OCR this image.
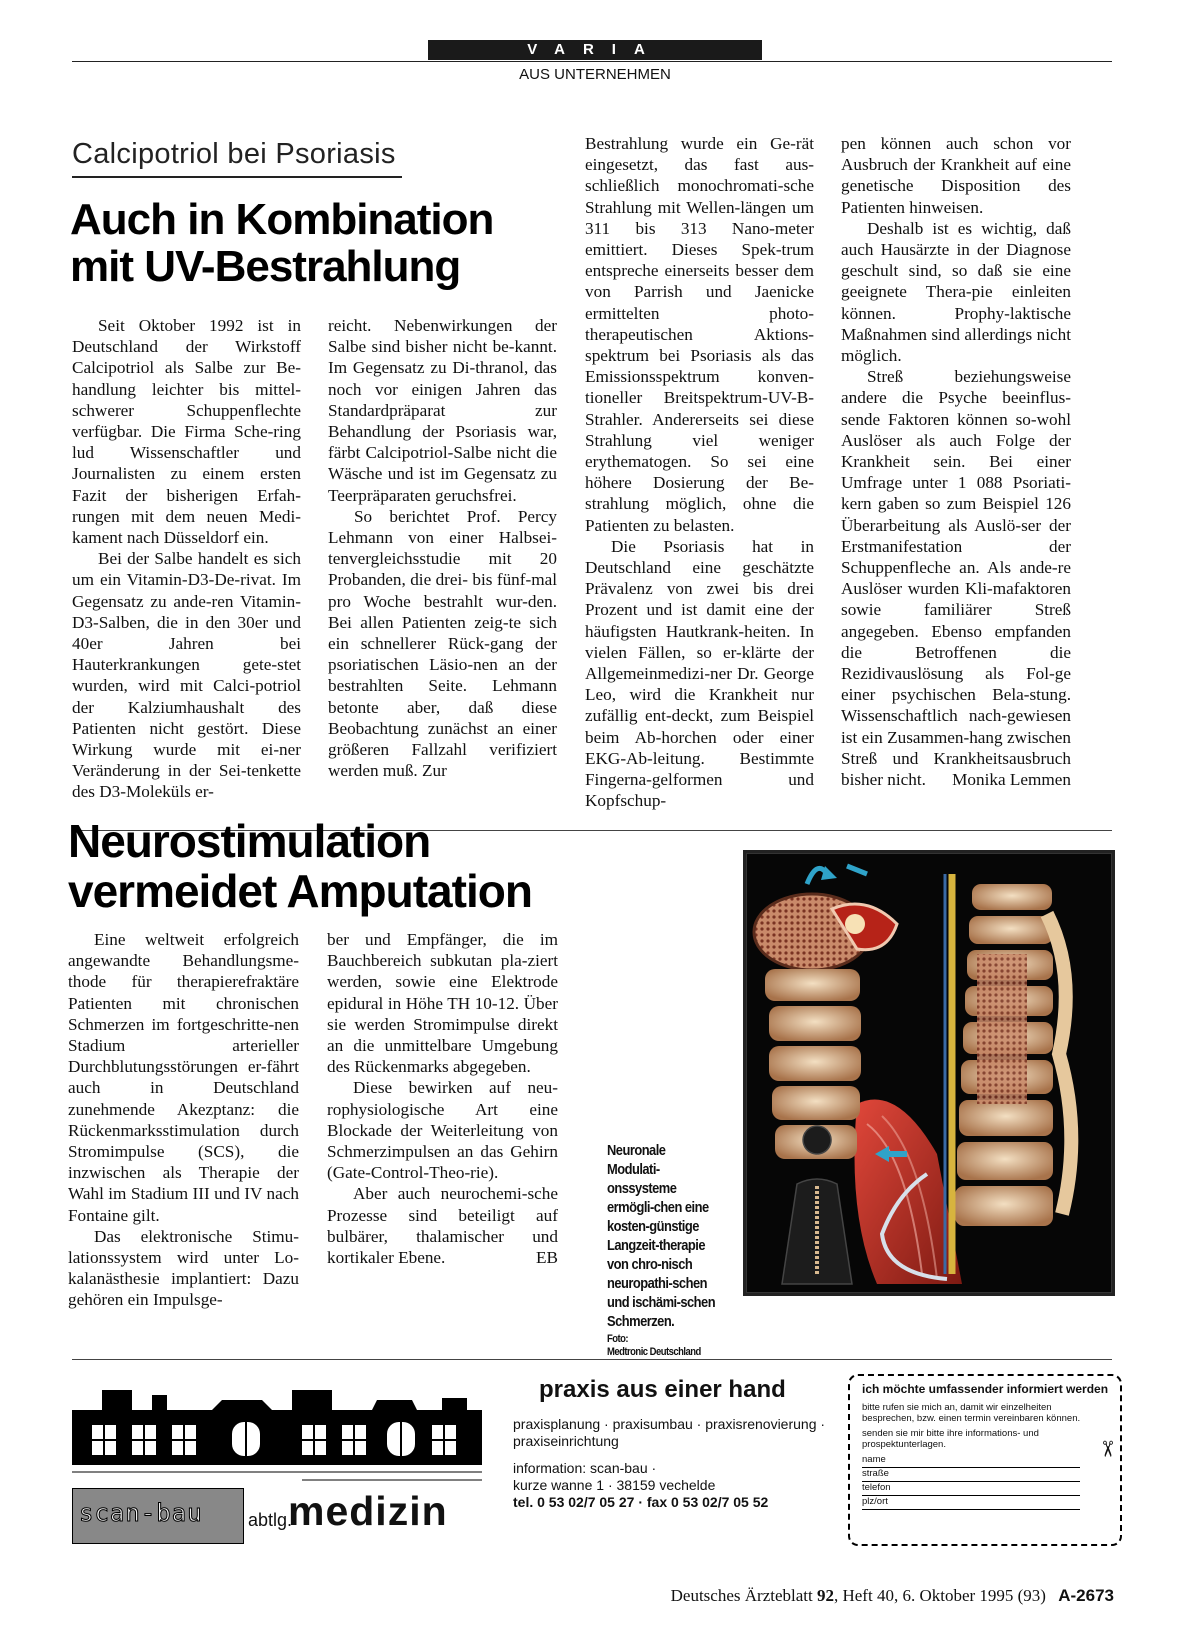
VARIA
AUS UNTERNEHMEN
Calcipotriol bei Psoriasis
Auch in Kombination
mit UV-Bestrahlung

Seit Oktober 1992 ist in Deutschland der Wirkstoff Calcipotriol als Salbe zur Be-handlung leichter bis mittel-schwerer Schuppenflechte verfügbar. Die Firma Sche-ring lud Wissenschaftler und Journalisten zu einem ersten Fazit der bisherigen Erfah-rungen mit dem neuen Medi-kament nach Düsseldorf ein.

Bei der Salbe handelt es sich um ein Vitamin-D3-De-rivat. Im Gegensatz zu ande-ren Vitamin-D3-Salben, die in den 30er und 40er Jahren bei Hauterkrankungen gete-stet wurden, wird mit Calci-potriol der Kalziumhaushalt des Patienten nicht gestört. Diese Wirkung wurde mit ei-ner Veränderung in der Sei-tenkette des D3-Moleküls er-

reicht. Nebenwirkungen der Salbe sind bisher nicht be-kannt. Im Gegensatz zu Di-thranol, das noch vor einigen Jahren das Standardpräparat zur Behandlung der Psoriasis war, färbt Calcipotriol-Salbe nicht die Wäsche und ist im Gegensatz zu Teerpräparaten geruchsfrei.

So berichtet Prof. Percy Lehmann von einer Halbsei-tenvergleichsstudie mit 20 Probanden, die drei- bis fünf-mal pro Woche bestrahlt wur-den. Bei allen Patienten zeig-te sich ein schnellerer Rück-gang der psoriatischen Läsio-nen an der bestrahlten Seite. Lehmann betonte aber, daß diese Beobachtung zunächst an einer größeren Fallzahl verifiziert werden muß. Zur

Bestrahlung wurde ein Ge-rät eingesetzt, das fast aus-schließlich monochromati-sche Strahlung mit Wellen-längen um 311 bis 313 Nano-meter emittiert. Dieses Spek-trum entspreche einerseits besser dem von Parrish und Jaenicke ermittelten photo-therapeutischen Aktions-spektrum bei Psoriasis als das Emissionsspektrum konven-tioneller Breitspektrum-UV-B-Strahler. Andererseits sei diese Strahlung viel weniger erythematogen. So sei eine höhere Dosierung der Be-strahlung möglich, ohne die Patienten zu belasten.

Die Psoriasis hat in Deutschland eine geschätzte Prävalenz von zwei bis drei Prozent und ist damit eine der häufigsten Hautkrank-heiten. In vielen Fällen, so er-klärte der Allgemeinmedizi-ner Dr. George Leo, wird die Krankheit nur zufällig ent-deckt, zum Beispiel beim Ab-horchen oder einer EKG-Ab-leitung. Bestimmte Fingerna-gelformen und Kopfschup-

pen können auch schon vor Ausbruch der Krankheit auf eine genetische Disposition des Patienten hinweisen.

Deshalb ist es wichtig, daß auch Hausärzte in der Diagnose geschult sind, so daß sie eine geeignete Thera-pie einleiten können. Prophy-laktische Maßnahmen sind allerdings nicht möglich.

Streß beziehungsweise andere die Psyche beeinflus-sende Faktoren können so-wohl Auslöser als auch Folge der Krankheit sein. Bei einer Umfrage unter 1 088 Psoriati-kern gaben so zum Beispiel 126 Überarbeitung als Auslö-ser der Erstmanifestation der Schuppenfleche an. Als ande-re Auslöser wurden Kli-mafaktoren sowie familiärer Streß angegeben. Ebenso empfanden die Betroffenen die Rezidivauslösung als Fol-ge einer psychischen Bela-stung. Wissenschaftlich nach-gewiesen ist ein Zusammen-hang zwischen Streß und Krankheitsausbruch bisher nicht.	Monika Lemmen

Neurostimulation
vermeidet Amputation

Eine weltweit erfolgreich angewandte Behandlungsme-thode für therapierefraktäre Patienten mit chronischen Schmerzen im fortgeschritte-nen Stadium arterieller Durchblutungsstörungen er-fährt auch in Deutschland zunehmende Akezptanz: die Rückenmarksstimulation durch Stromimpulse (SCS), die inzwischen als Therapie der Wahl im Stadium III und IV nach Fontaine gilt.

Das elektronische Stimu-lationssystem wird unter Lo-kalanästhesie implantiert: Dazu gehören ein Impulsge-

ber und Empfänger, die im Bauchbereich subkutan pla-ziert werden, sowie eine Elektrode epidural in Höhe TH 10-12. Über sie werden Stromimpulse direkt an die unmittelbare Umgebung des Rückenmarks abgegeben.

Diese bewirken auf neu-rophysiologische Art eine Blockade der Weiterleitung von Schmerzimpulsen an das Gehirn (Gate-Control-Theo-rie).

Aber auch neurochemi-sche Prozesse sind beteiligt auf bulbärer, thalamischer und kortikaler Ebene.	EB

Neuronale Modulati-onssysteme ermögli-chen eine kosten-günstige Langzeit-therapie von chro-nisch neuropathi-schen und ischämi-schen Schmerzen.
Foto:
Medtronic Deutschland
scan-bau	abtlg.
medizin
praxis aus einer hand
praxisplanung · praxisumbau · praxisrenovierung · praxiseinrichtung
information: scan-bau ·
kurze wanne 1 · 38159 vechelde
tel. 0 53 02/7 05 27 · fax 0 53 02/7 05 52
ich möchte umfassender informiert werden
bitte rufen sie mich an, damit wir einzelheiten besprechen, bzw. einen termin vereinbaren können.
senden sie mir bitte ihre informations- und prospektunterlagen.
name
straße
telefon
plz/ort
✂
Deutsches Ärzteblatt 92, Heft 40, 6. Oktober 1995 (93) A-2673
